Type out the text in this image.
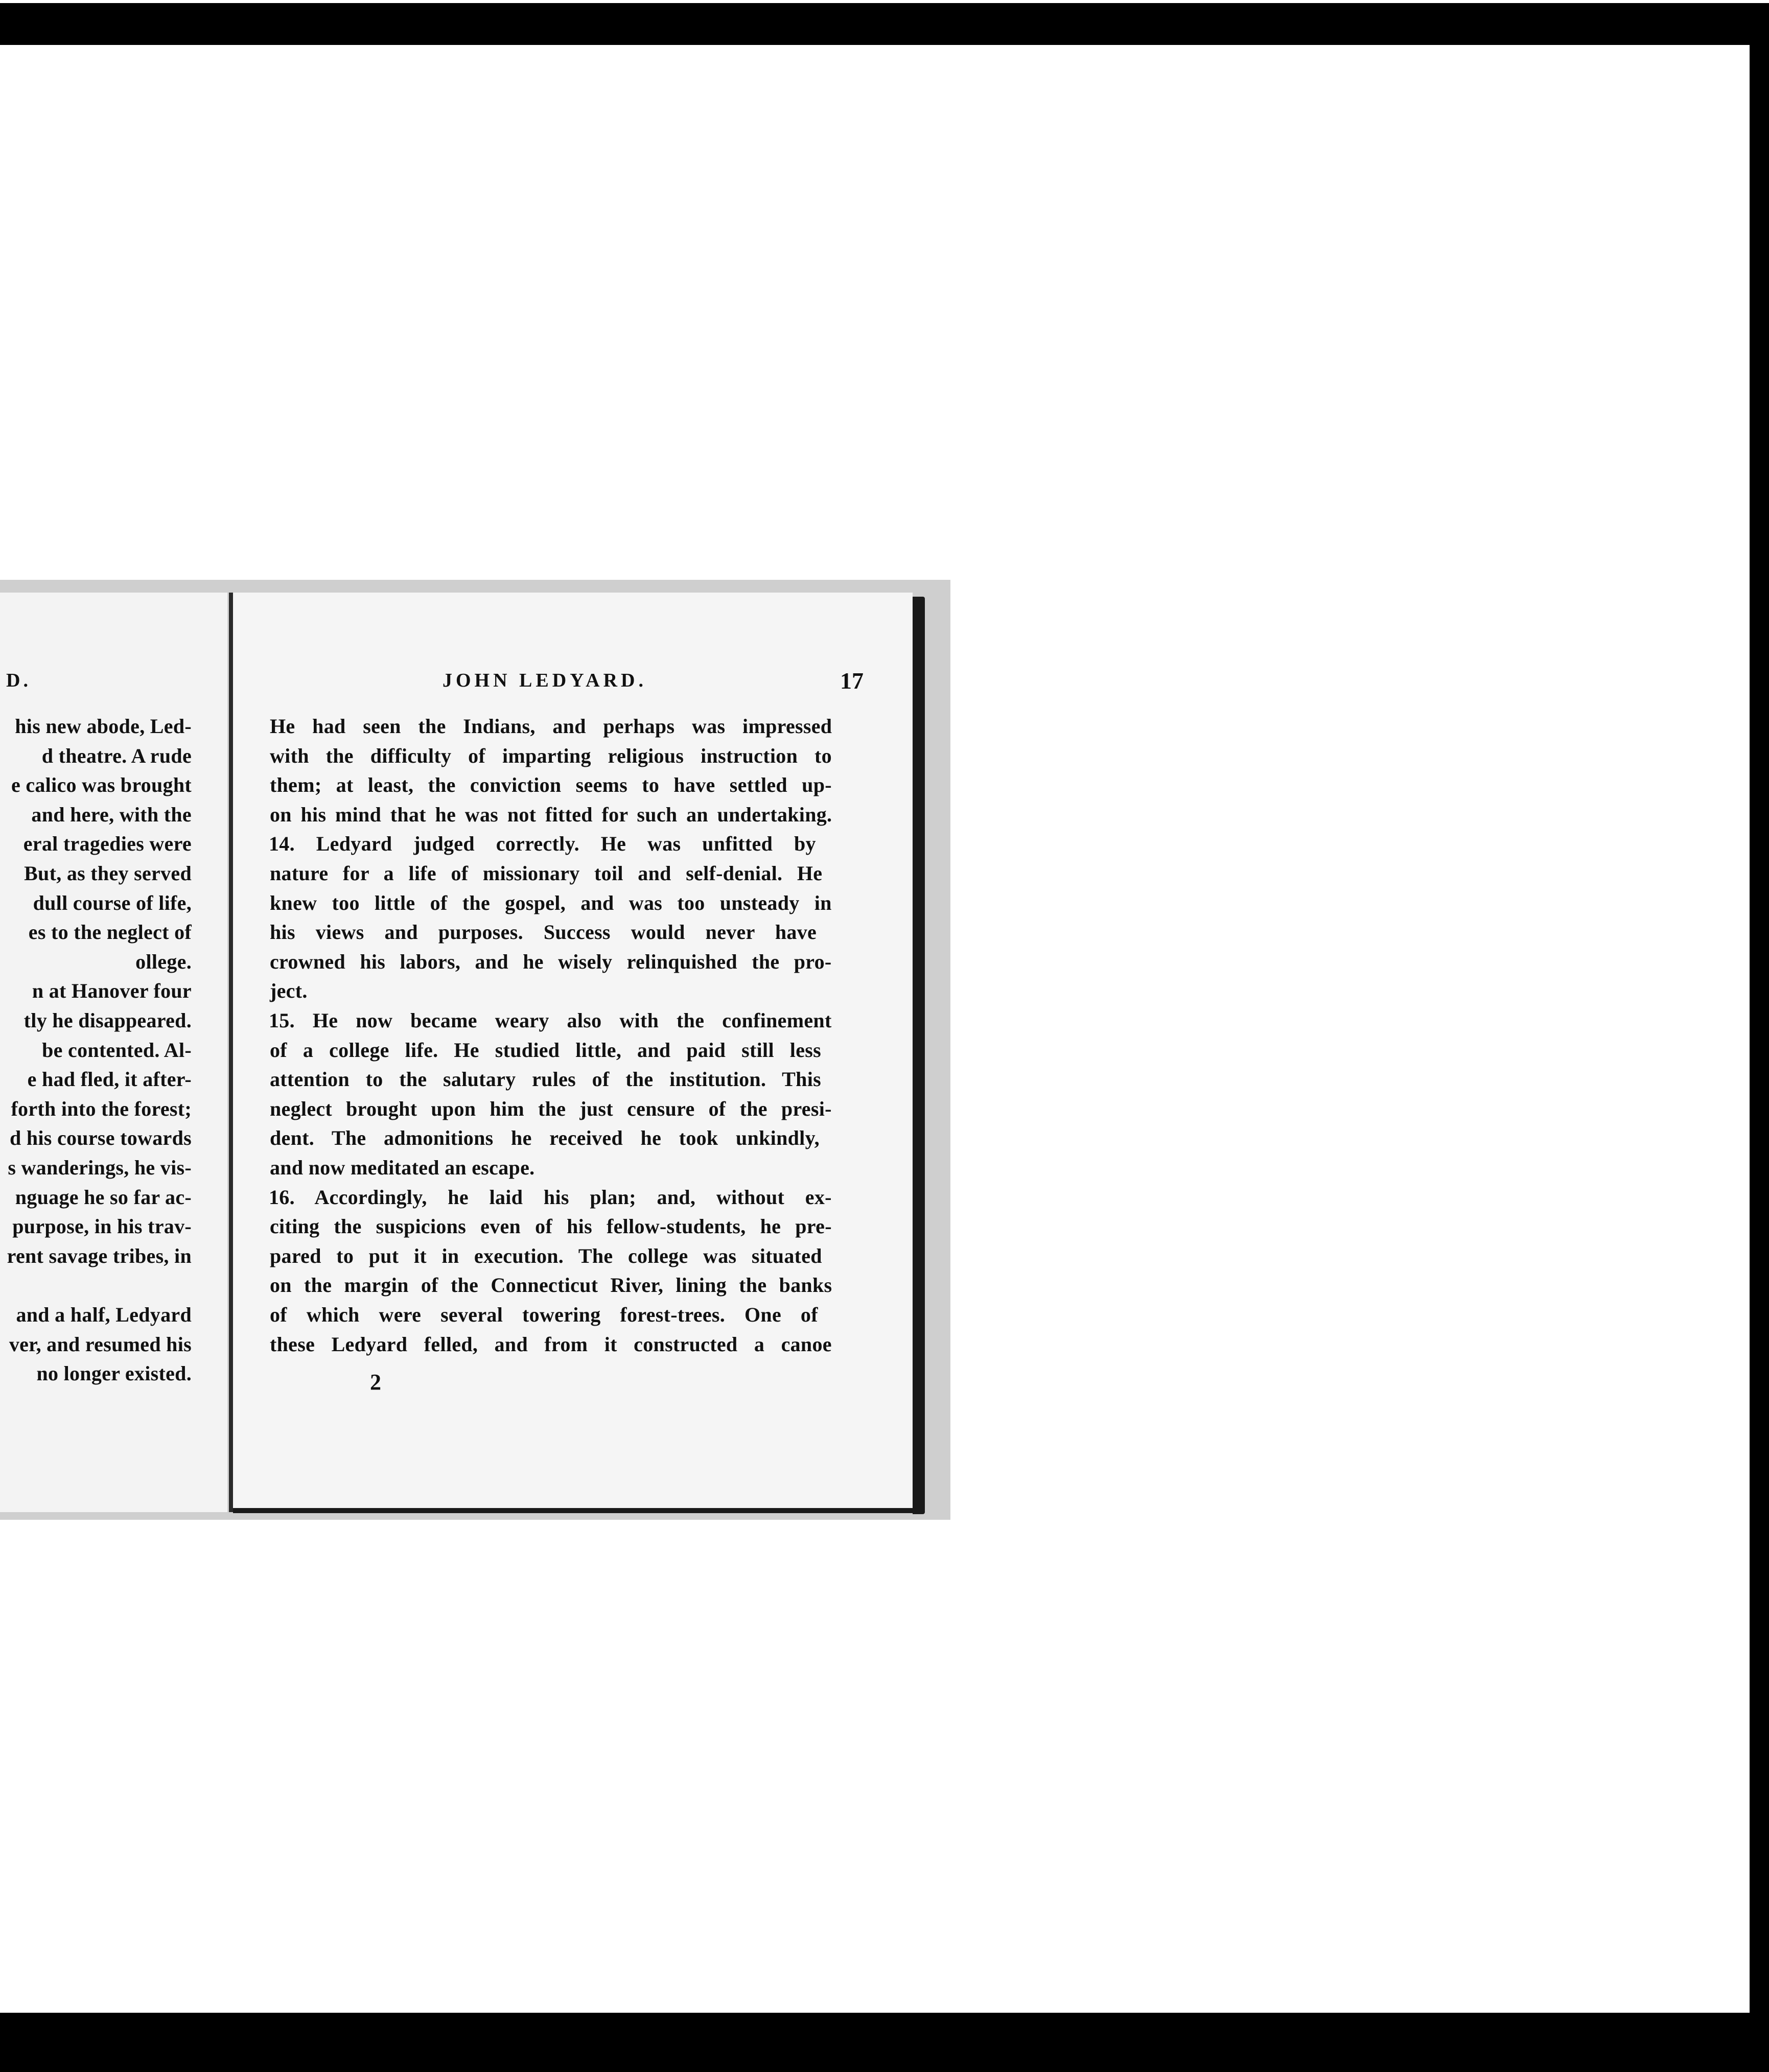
D.
his new abode, Led-
d theatre. A rude
e calico was brought
and here, with the
eral tragedies were
But, as they served
dull course of life,
es to the neglect of
ollege.
n at Hanover four
tly he disappeared.
be contented. Al-
e had fled, it after-
forth into the forest;
d his course towards
s wanderings, he vis-
nguage he so far ac-
purpose, in his trav-
rent savage tribes, in
and a half, Ledyard
ver, and resumed his
no longer existed.
JOHN LEDYARD.	17
He had seen the Indians, and perhaps was impressed
with the difficulty of imparting religious instruction to
them; at least, the conviction seems to have settled up-
on his mind that he was not fitted for such an undertaking.
14. Ledyard judged correctly. He was unfitted by
nature for a life of missionary toil and self-denial. He
knew too little of the gospel, and was too unsteady in
his views and purposes. Success would never have
crowned his labors, and he wisely relinquished the pro-
ject.
15. He now became weary also with the confinement
of a college life. He studied little, and paid still less
attention to the salutary rules of the institution. This
neglect brought upon him the just censure of the presi-
dent. The admonitions he received he took unkindly,
and now meditated an escape.
16. Accordingly, he laid his plan; and, without ex-
citing the suspicions even of his fellow-students, he pre-
pared to put it in execution. The college was situated
on the margin of the Connecticut River, lining the banks
of which were several towering forest-trees. One of
these Ledyard felled, and from it constructed a canoe
2
